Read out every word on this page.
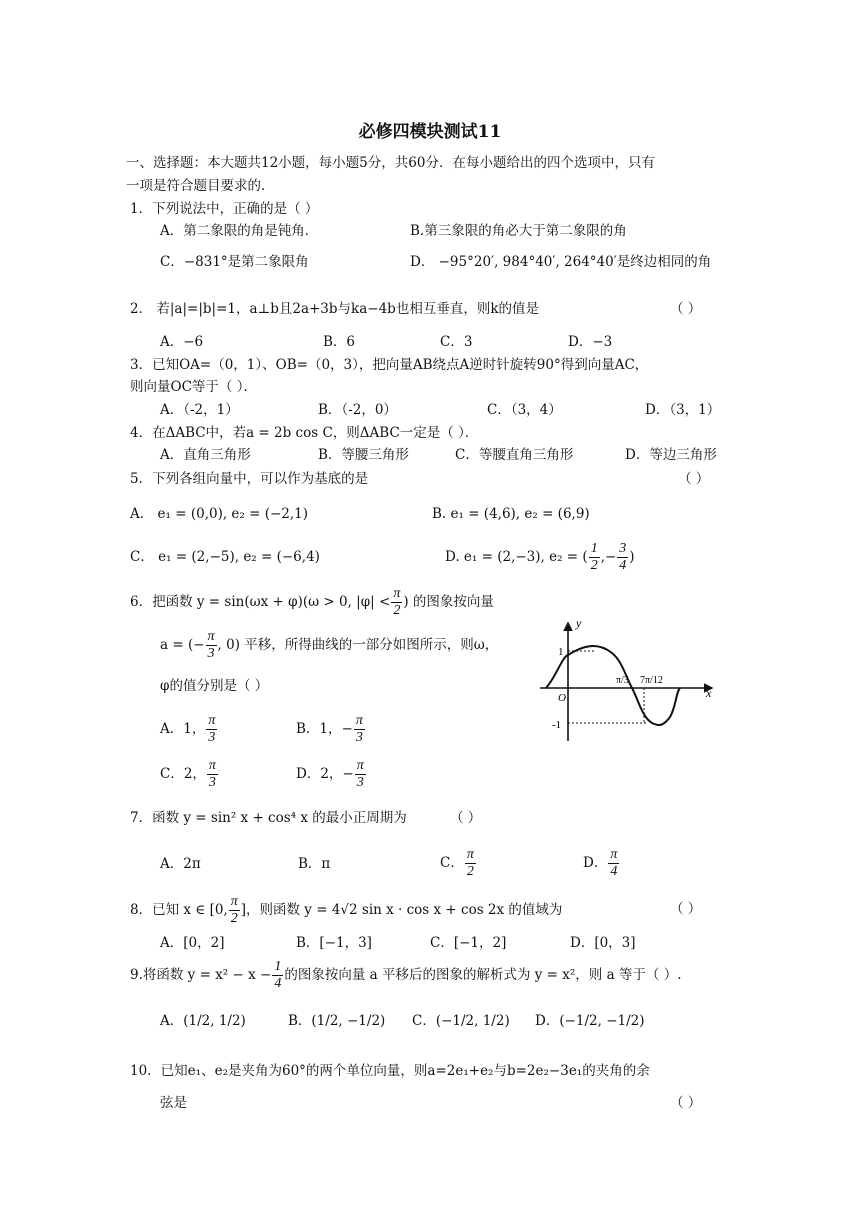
必修四模块测试11
一、选择题：本大题共12小题，每小题5分，共60分．在每小题给出的四个选项中，只有
一项是符合题目要求的．
1．下列说法中，正确的是（ ）
A．第二象限的角是钝角．	B.第三象限的角必大于第二象限的角
C．−831°是第二象限角	D． −95°20′, 984°40′, 264°40′是终边相同的角
2． 若|a|=|b|=1，a⊥b且2a+3b与ka−4b也相互垂直，则k的值是	（ ）
A．−6	B．6	C．3	D．−3
3．已知OA=（0，1）、OB=（0，3），把向量AB绕点A逆时针旋转90°得到向量AC，
则向量OC等于（ ）．
A．（-2，1）	B．（-2，0）	C．（3，4）	D．（3，1）
4．在ΔABC中，若a = 2b cos C，则ΔABC一定是（ ）．
A．直角三角形	B．等腰三角形	C．等腰直角三角形	D．等边三角形
5．下列各组向量中，可以作为基底的是	（ ）
A． e₁ = (0,0), e₂ = (−2,1)	B. e₁ = (4,6), e₂ = (6,9)
C． e₁ = (2,−5), e₂ = (−6,4)	D. e₁ = (2,−3), e₂ = ( $\frac{1}{2}$ ,− $\frac{3}{4}$ )
6．把函数 y = sin(ωx + φ)(ω > 0, $|\varphi| < \frac{\pi}{2}$ ) 的图象按向量
a = (− $\frac{\pi}{3}$ , 0) 平移，所得曲线的一部分如图所示，则ω，
φ的值分别是（ ）
A．1， $\frac{\pi}{3}$	B．1，− $\frac{\pi}{3}$
C．2， $\frac{\pi}{3}$	D．2，− $\frac{\pi}{3}$
y
x
O
1
-1
π/3 7π/12
7．函数 y = sin² x + cos⁴ x 的最小正周期为	（ ）
A．2π	B．π	C． $\frac{\pi}{2}$	D． $\frac{\pi}{4}$
8．已知 x ∈ [0, $\frac{\pi}{2}$ ]，则函数 y = 4√2 sin x · cos x + cos 2x 的值域为	（ ）
A．[0，2]	B．[−1，3]	C．[−1，2]	D．[0，3]
9.将函数 $y = x^2 - x - \frac{1}{4}$ 的图象按向量 a 平移后的图象的解析式为 y = x²，则 a 等于（ ）.
A．(1/2, 1/2)	B．(1/2, −1/2) C．(−1/2, 1/2) D．(−1/2, −1/2)
10．已知e₁、e₂是夹角为60°的两个单位向量，则a=2e₁+e₂与b=2e₂−3e₁的夹角的余
弦是	（ ）
